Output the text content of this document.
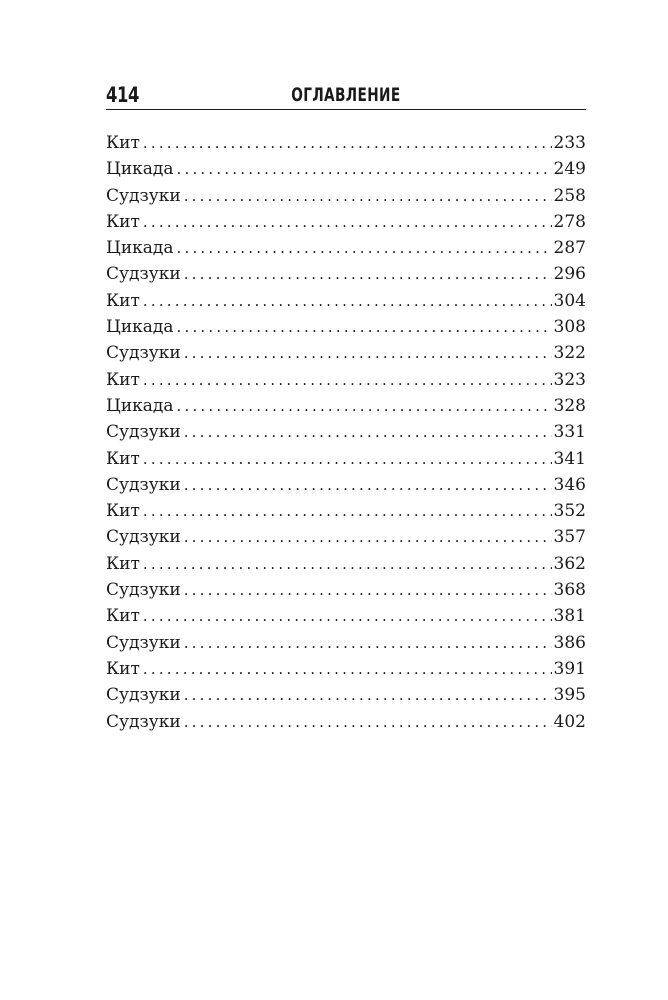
414	ОГЛАВЛЕНИЕ
Кит .....	233
Цикада .....	249
Судзуки .....	258
Кит .....	278
Цикада .....	287
Судзуки .....	296
Кит .....	304
Цикада .....	308
Судзуки .....	322
Кит .....	323
Цикада .....	328
Судзуки .....	331
Кит .....	341
Судзуки .....	346
Кит .....	352
Судзуки .....	357
Кит .....	362
Судзуки .....	368
Кит .....	381
Судзуки .....	386
Кит .....	391
Судзуки .....	395
Судзуки .....	402
